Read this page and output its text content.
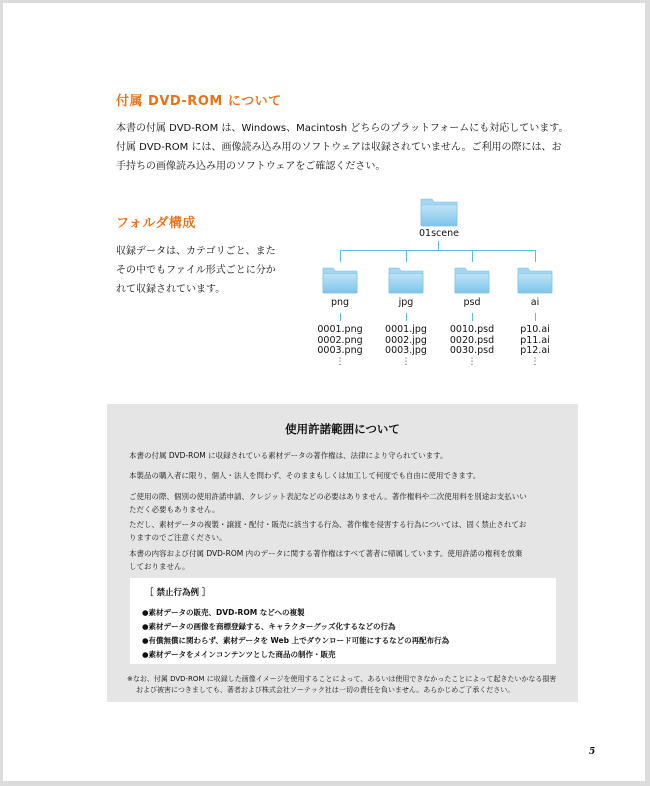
付属 DVD-ROM について
本書の付属 DVD-ROM は、Windows、Macintosh どちらのプラットフォームにも対応しています。
付属 DVD-ROM には、画像読み込み用のソフトウェアは収録されていません。ご利用の際には、お
手持ちの画像読み込み用のソフトウェアをご確認ください。
フォルダ構成
収録データは、カテゴリごと、また
その中でもファイル形式ごとに分か
れて収録されています。
01scene
png
0001.png
0002.png
0003.png
⋮
jpg
0001.jpg
0002.jpg
0003.jpg
⋮
psd
0010.psd
0020.psd
0030.psd
⋮
ai
p10.ai
p11.ai
p12.ai
⋮
使用許諾範囲について
本書の付属 DVD-ROM に収録されている素材データの著作権は、法律により守られています。
本製品の購入者に限り、個人・法人を問わず、そのままもしくは加工して何度でも自由に使用できます。
ご使用の際、個別の使用許諾申請、クレジット表記などの必要はありません。著作権料や二次使用料を別途お支払いい
ただく必要もありません。
ただし、素材データの複製・譲渡・配付・販売に該当する行為、著作権を侵害する行為については、固く禁止されてお
りますのでご注意ください。
本書の内容および付属 DVD-ROM 内のデータに関する著作権はすべて著者に帰属しています。使用許諾の権利を放棄
しておりません。
［ 禁止行為例 ］
●素材データの販売、DVD-ROM などへの複製
●素材データの画像を商標登録する、キャラクターグッズ化するなどの行為
●有償無償に関わらず、素材データを Web 上でダウンロード可能にするなどの再配布行為
●素材データをメインコンテンツとした商品の制作・販売
※なお、付属 DVD-ROM に収録した画像イメージを使用することによって、あるいは使用できなかったことによって起きたいかなる損害
および被害につきましても、著者および株式会社ソーテック社は一切の責任を負いません。あらかじめご了承ください。
5
